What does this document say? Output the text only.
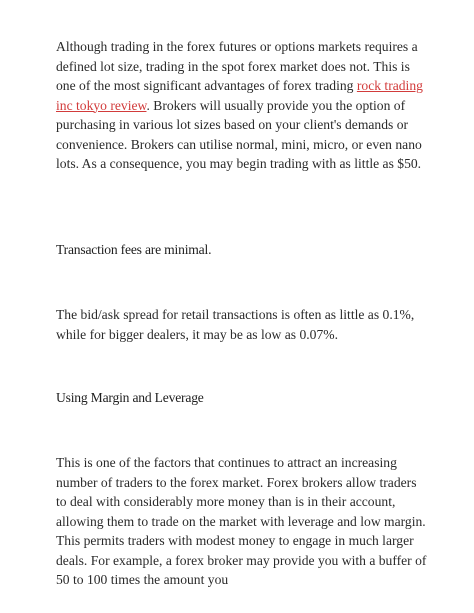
Although trading in the forex futures or options markets requires a defined lot size, trading in the spot forex market does not. This is one of the most significant advantages of forex trading rock trading inc tokyo review. Brokers will usually provide you the option of purchasing in various lot sizes based on your client's demands or convenience. Brokers can utilise normal, mini, micro, or even nano lots. As a consequence, you may begin trading with as little as $50.

Transaction fees are minimal.

The bid/ask spread for retail transactions is often as little as 0.1%, while for bigger dealers, it may be as low as 0.07%.

Using Margin and Leverage

This is one of the factors that continues to attract an increasing number of traders to the forex market. Forex brokers allow traders to deal with considerably more money than is in their account, allowing them to trade on the market with leverage and low margin. This permits traders with modest money to engage in much larger deals. For example, a forex broker may provide you with a buffer of 50 to 100 times the amount you
